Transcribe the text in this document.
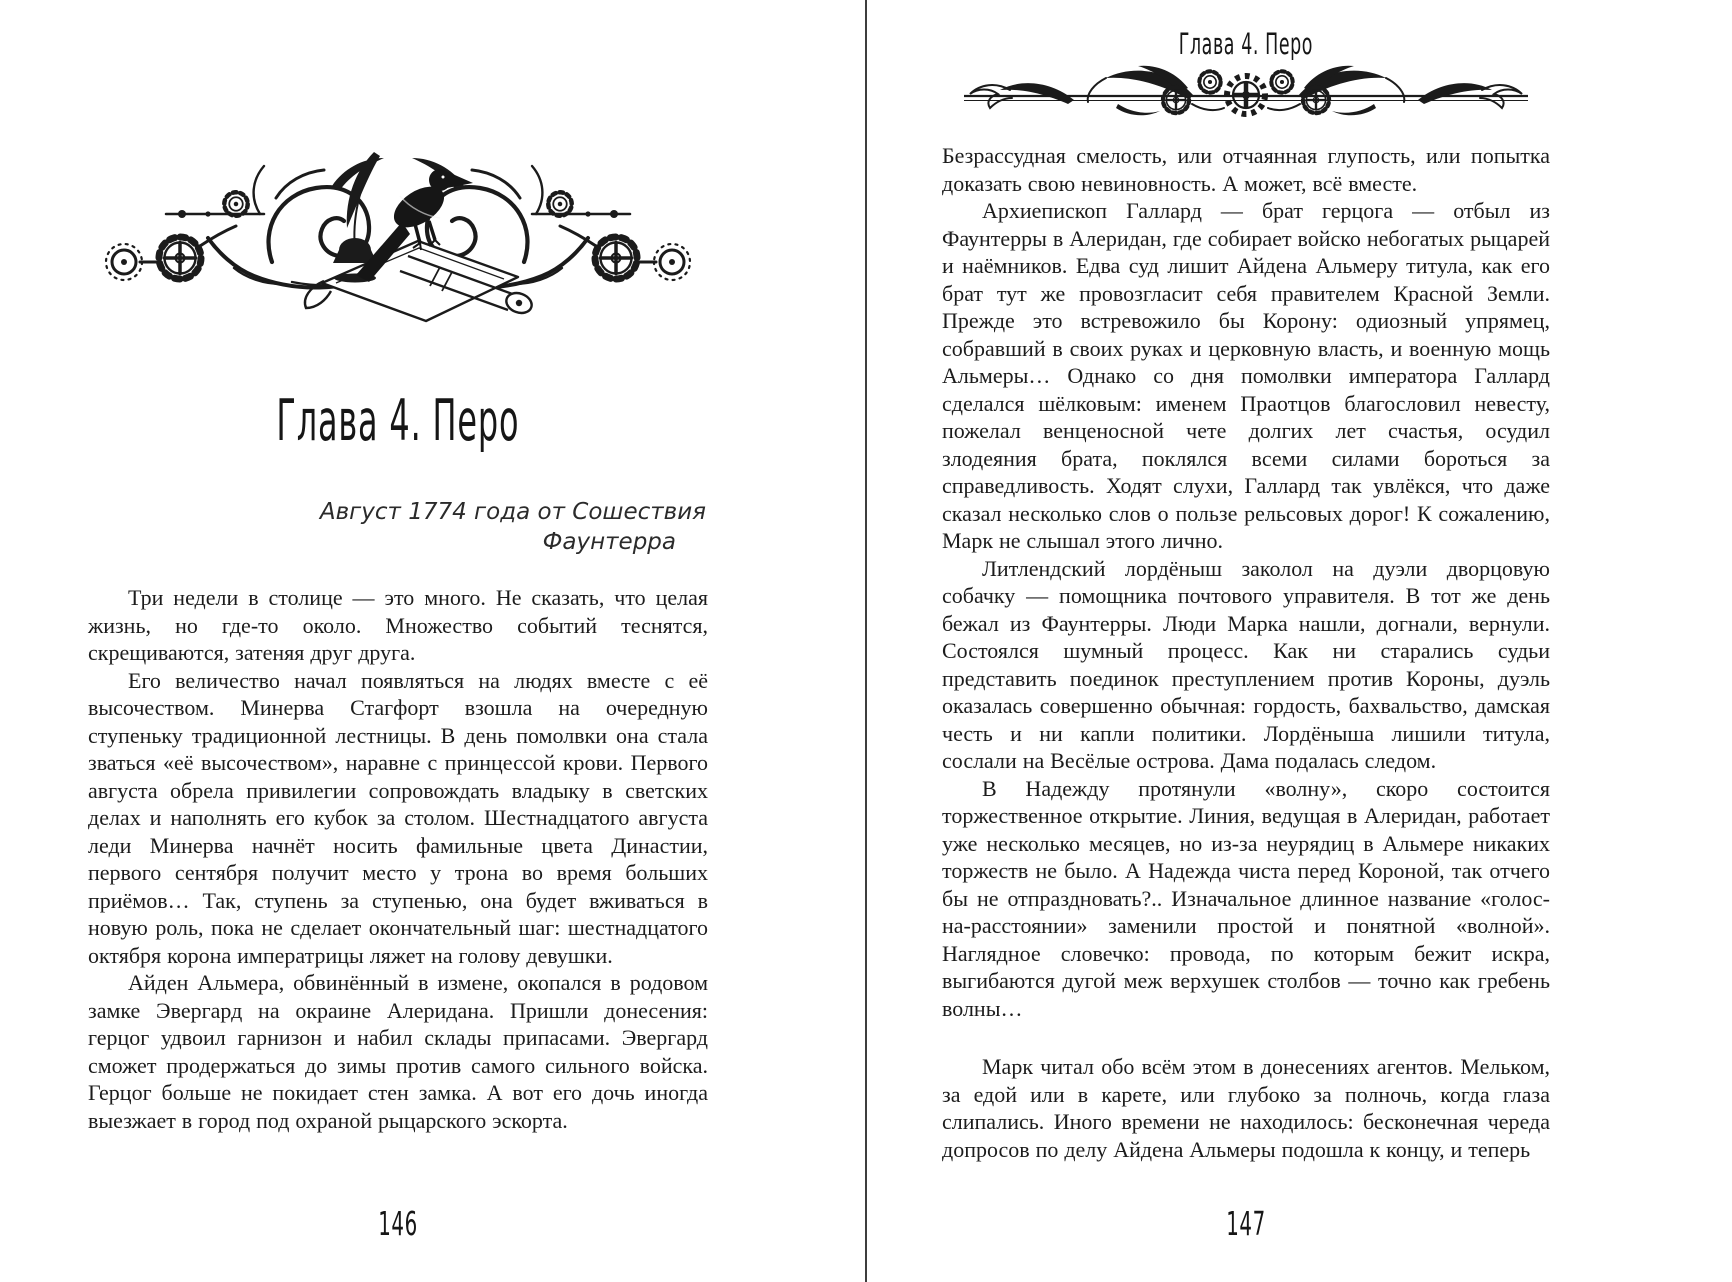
Глава 4. Перо
Август 1774 года от Сошествия
Фаунтерра

Три недели в столице — это много. Не сказать, что целая жизнь, но где-то около. Множество событий теснятся, скрещиваются, затеняя друг друга.

Его величество начал появляться на людях вместе с её высочеством. Минерва Стагфорт взошла на очередную ступеньку традиционной лестницы. В день помолвки она стала зваться «её высочеством», наравне с принцессой крови. Первого августа обрела привилегии сопровождать владыку в светских делах и наполнять его кубок за столом. Шестнадцатого августа леди Минерва начнёт носить фамильные цвета Династии, первого сентября получит место у трона во время больших приёмов… Так, ступень за ступенью, она будет вживаться в новую роль, пока не сделает окончательный шаг: шестнадцатого октября корона императрицы ляжет на голову девушки.

Айден Альмера, обвинённый в измене, окопался в родовом замке Эвергард на окраине Алеридана. Пришли донесения: герцог удвоил гарнизон и набил склады припасами. Эвергард сможет продержаться до зимы против самого сильного войска. Герцог больше не покидает стен замка. А вот его дочь иногда выезжает в город под охраной рыцарского эскорта.

146
Глава 4. Перо

Безрассудная смелость, или отчаянная глупость, или попытка доказать свою невиновность. А может, всё вместе.

Архиепископ Галлард — брат герцога — отбыл из Фаунтерры в Алеридан, где собирает войско небогатых рыцарей и наёмников. Едва суд лишит Айдена Альмеру титула, как его брат тут же провозгласит себя правителем Красной Земли. Прежде это встревожило бы Корону: одиозный упрямец, собравший в своих руках и церковную власть, и военную мощь Альмеры… Однако со дня помолвки императора Галлард сделался шёлковым: именем Праотцов благословил невесту, пожелал венценосной чете долгих лет счастья, осудил злодеяния брата, поклялся всеми силами бороться за справедливость. Ходят слухи, Галлард так увлёкся, что даже сказал несколько слов о пользе рельсовых дорог! К сожалению, Марк не слышал этого лично.

Литлендский лордёныш заколол на дуэли дворцовую собачку — помощника почтового управителя. В тот же день бежал из Фаунтерры. Люди Марка нашли, догнали, вернули. Состоялся шумный процесс. Как ни старались судьи представить поединок преступлением против Короны, дуэль оказалась совершенно обычная: гордость, бахвальство, дамская честь и ни капли политики. Лордёныша лишили титула, сослали на Весёлые острова. Дама подалась следом.

В Надежду протянули «волну», скоро состоится торжественное открытие. Линия, ведущая в Алеридан, работает уже несколько месяцев, но из-за неурядиц в Альмере никаких торжеств не было. А Надежда чиста перед Короной, так отчего бы не отпраздновать?.. Изначальное длинное название «голос-на-расстоянии» заменили простой и понятной «волной». Наглядное словечко: провода, по которым бежит искра, выгибаются дугой меж верхушек столбов — точно как гребень волны…

Марк читал обо всём этом в донесениях агентов. Мельком, за едой или в карете, или глубоко за полночь, когда глаза слипались. Иного времени не находилось: бесконечная череда допросов по делу Айдена Альмеры подошла к концу, и теперь

147
